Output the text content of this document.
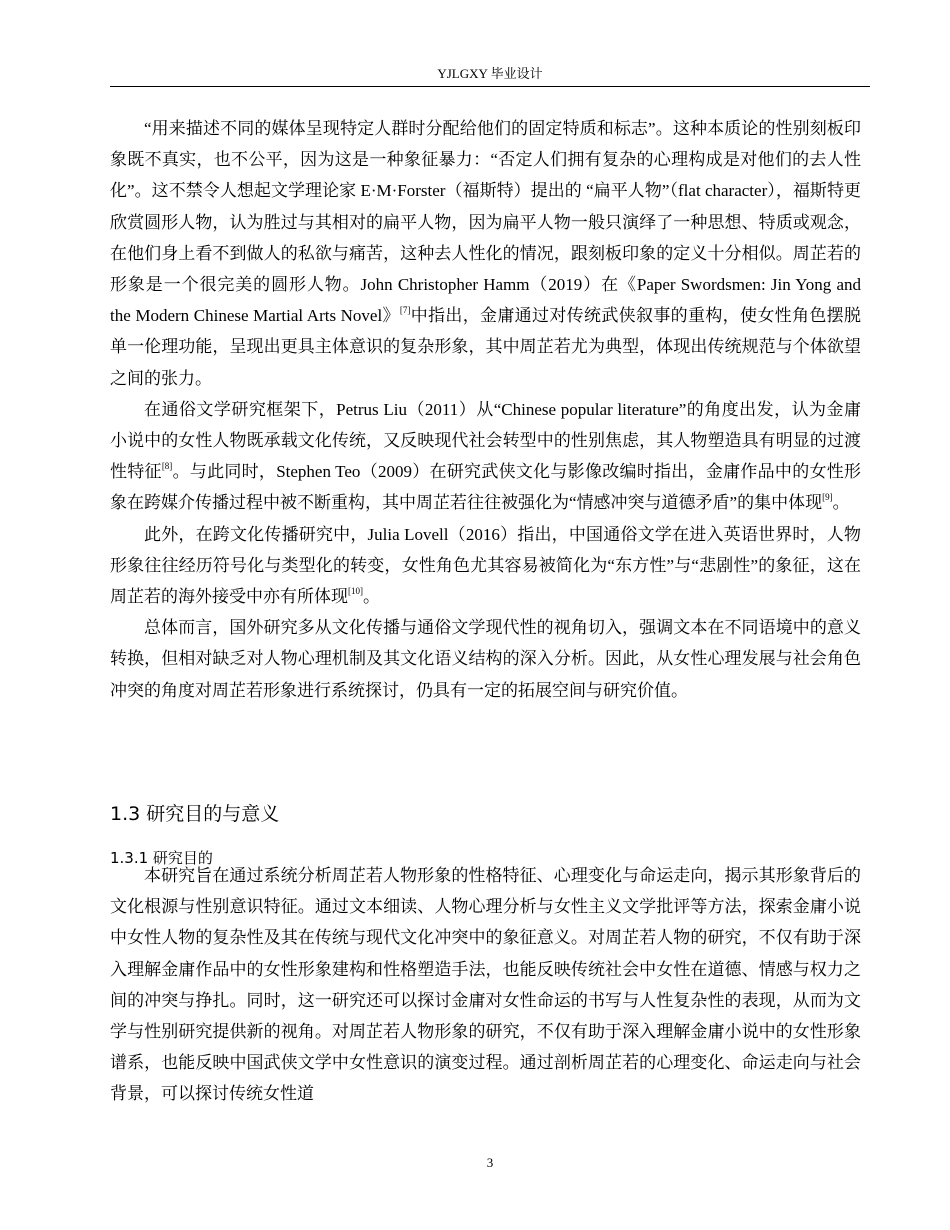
YJLGXY 毕业设计

“用来描述不同的媒体呈现特定人群时分配给他们的固定特质和标志”。这种本质论的性别刻板印象既不真实，也不公平，因为这是一种象征暴力：“否定人们拥有复杂的心理构成是对他们的去人性化”。这不禁令人想起文学理论家 E·M·Forster（福斯特）提出的 “扁平人物”（flat character），福斯特更欣赏圆形人物，认为胜过与其相对的扁平人物，因为扁平人物一般只演绎了一种思想、特质或观念，在他们身上看不到做人的私欲与痛苦，这种去人性化的情况，跟刻板印象的定义十分相似。周芷若的形象是一个很完美的圆形人物。John Christopher Hamm（2019）在《Paper Swordsmen: Jin Yong and the Modern Chinese Martial Arts Novel》[7]中指出，金庸通过对传统武侠叙事的重构，使女性角色摆脱单一伦理功能，呈现出更具主体意识的复杂形象，其中周芷若尤为典型，体现出传统规范与个体欲望之间的张力。

在通俗文学研究框架下，Petrus Liu（2011）从“Chinese popular literature”的角度出发，认为金庸小说中的女性人物既承载文化传统，又反映现代社会转型中的性别焦虑，其人物塑造具有明显的过渡性特征[8]。与此同时，Stephen Teo（2009）在研究武侠文化与影像改编时指出，金庸作品中的女性形象在跨媒介传播过程中被不断重构，其中周芷若往往被强化为“情感冲突与道德矛盾”的集中体现[9]。

此外，在跨文化传播研究中，Julia Lovell（2016）指出，中国通俗文学在进入英语世界时，人物形象往往经历符号化与类型化的转变，女性角色尤其容易被简化为“东方性”与“悲剧性”的象征，这在周芷若的海外接受中亦有所体现[10]。

总体而言，国外研究多从文化传播与通俗文学现代性的视角切入，强调文本在不同语境中的意义转换，但相对缺乏对人物心理机制及其文化语义结构的深入分析。因此，从女性心理发展与社会角色冲突的角度对周芷若形象进行系统探讨，仍具有一定的拓展空间与研究价值。

1.3 研究目的与意义
1.3.1 研究目的

本研究旨在通过系统分析周芷若人物形象的性格特征、心理变化与命运走向，揭示其形象背后的文化根源与性别意识特征。通过文本细读、人物心理分析与女性主义文学批评等方法，探索金庸小说中女性人物的复杂性及其在传统与现代文化冲突中的象征意义。对周芷若人物的研究，不仅有助于深入理解金庸作品中的女性形象建构和性格塑造手法，也能反映传统社会中女性在道德、情感与权力之间的冲突与挣扎。同时，这一研究还可以探讨金庸对女性命运的书写与人性复杂性的表现，从而为文学与性别研究提供新的视角。对周芷若人物形象的研究，不仅有助于深入理解金庸小说中的女性形象谱系，也能反映中国武侠文学中女性意识的演变过程。通过剖析周芷若的心理变化、命运走向与社会背景，可以探讨传统女性道

3
